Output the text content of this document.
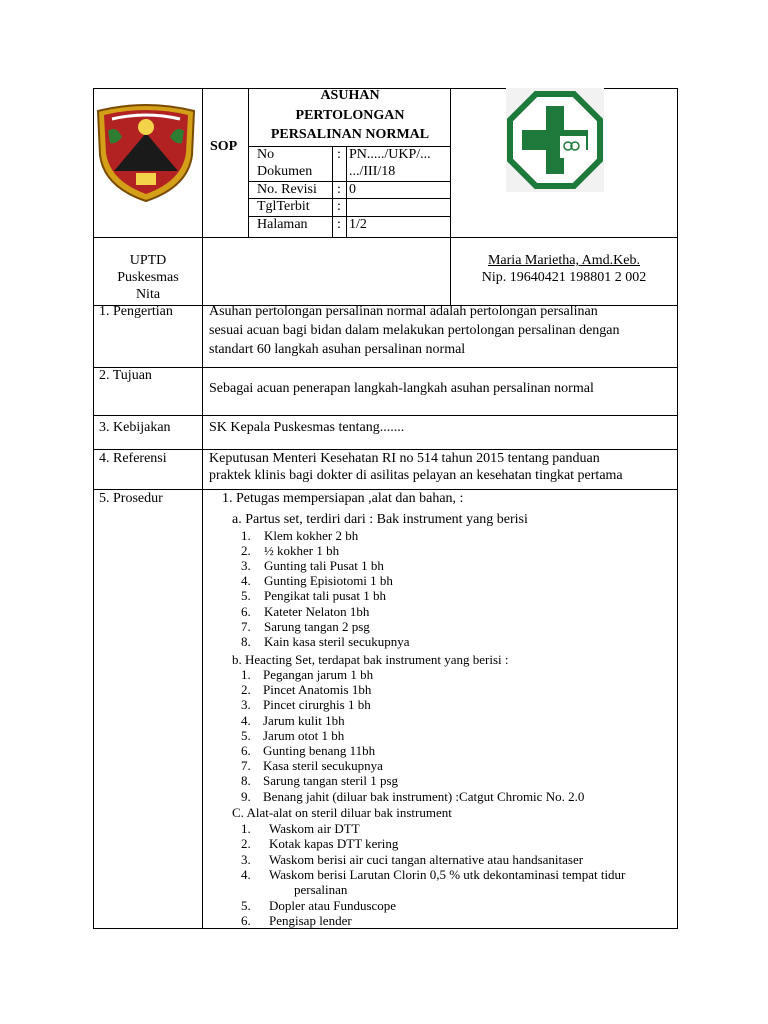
SOP
ASUHAN
PERTOLONGAN
PERSALINAN NORMAL
No
Dokumen
: PN...../UKP/...
.../III/18
No. Revisi : 0
TglTerbit :
Halaman : 1/2
UPTD
Puskesmas
Nita
Maria Marietha, Amd.Keb.
Nip. 19640421 198801 2 002
1. Pengertian	Asuhan pertolongan persalinan normal adalah pertolongan persalinan
sesuai acuan bagi bidan dalam melakukan pertolongan persalinan dengan
standart 60 langkah asuhan persalinan normal
2. Tujuan
Sebagai acuan penerapan langkah-langkah asuhan persalinan normal
3. Kebijakan	SK Kepala Puskesmas tentang.......
4. Referensi	Keputusan Menteri Kesehatan RI no 514 tahun 2015 tentang panduan
praktek klinis bagi dokter di asilitas pelayan an kesehatan tingkat pertama
5. Prosedur	1. Petugas mempersiapan ,alat dan bahan, :
a. Partus set, terdiri dari : Bak instrument yang berisi
1. Klem kokher 2 bh
2. ½ kokher 1 bh
3. Gunting tali Pusat 1 bh
4. Gunting Episiotomi 1 bh
5. Pengikat tali pusat 1 bh
6. Kateter Nelaton 1bh
7. Sarung tangan 2 psg
8. Kain kasa steril secukupnya
b. Heacting Set, terdapat bak instrument yang berisi :
1. Pegangan jarum 1 bh
2. Pincet Anatomis 1bh
3. Pincet cirurghis 1 bh
4. Jarum kulit 1bh
5. Jarum otot 1 bh
6. Gunting benang 11bh
7. Kasa steril secukupnya
8. Sarung tangan steril 1 psg
9. Benang jahit (diluar bak instrument) :Catgut Chromic No. 2.0
C. Alat-alat on steril diluar bak instrument
1. Waskom air DTT
2. Kotak kapas DTT kering
3. Waskom berisi air cuci tangan alternative atau handsanitaser
4. Waskom berisi Larutan Clorin 0,5 % utk dekontaminasi tempat tidur
persalinan
5. Dopler atau Funduscope
6. Pengisap lender
